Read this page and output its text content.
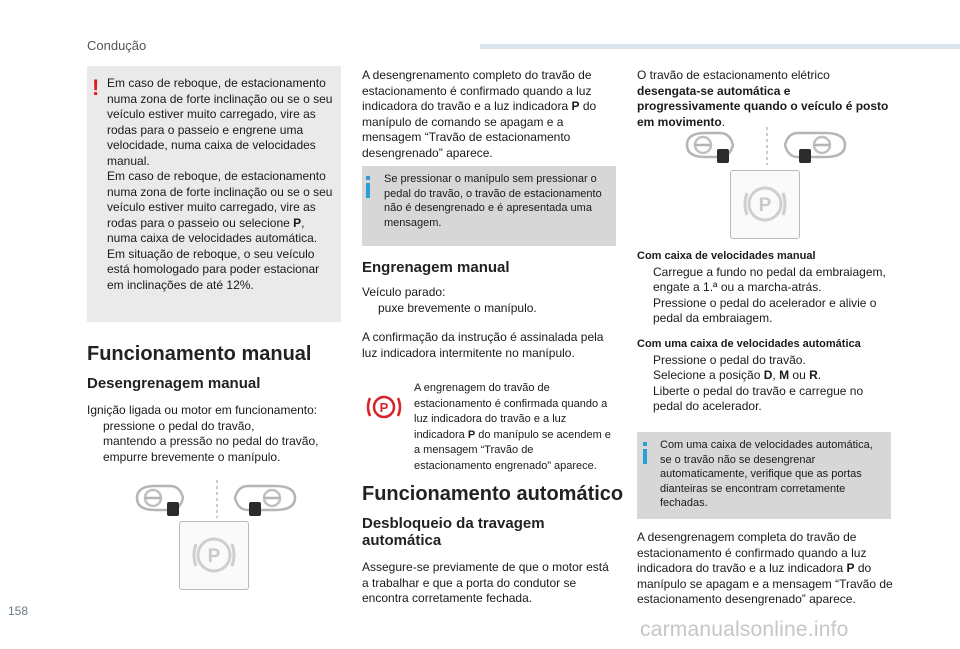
Condução
158
carmanualsonline.info
! Em caso de reboque, de estacionamento numa zona de forte inclinação ou se o seu veículo estiver muito carregado, vire as rodas para o passeio e engrene uma velocidade, numa caixa de velocidades manual.
Em caso de reboque, de estacionamento numa zona de forte inclinação ou se o seu veículo estiver muito carregado, vire as rodas para o passeio ou selecione P, numa caixa de velocidades automática.
Em situação de reboque, o seu veículo está homologado para poder estacionar em inclinações de até 12%.
Funcionamento manual
Desengrenagem manual
Ignição ligada ou motor em funcionamento:
pressione o pedal do travão,
mantendo a pressão no pedal do travão, empurre brevemente o manípulo.
P
A desengrenamento completo do travão de estacionamento é confirmado quando a luz indicadora do travão e a luz indicadora P do manípulo de comando se apagam e a mensagem “Travão de estacionamento desengrenado” aparece.
Se pressionar o manípulo sem pressionar o pedal do travão, o travão de estacionamento não é desengrenado e é apresentada uma mensagem.
Engrenagem manual
Veículo parado:
puxe brevemente o manípulo.
A confirmação da instrução é assinalada pela luz indicadora intermitente no manípulo.
P
A engrenagem do travão de estacionamento é confirmada quando a luz indicadora do travão e a luz indicadora P do manípulo se acendem e a mensagem “Travão de estacionamento engrenado” aparece.
Funcionamento automático
Desbloqueio da travagem automática
Assegure-se previamente de que o motor está a trabalhar e que a porta do condutor se encontra corretamente fechada.
O travão de estacionamento elétrico desengata-se automática e progressivamente quando o veículo é posto em movimento.
P
Com caixa de velocidades manual
Carregue a fundo no pedal da embraiagem, engate a 1.ª ou a marcha-atrás.
Pressione o pedal do acelerador e alivie o pedal da embraiagem.
Com uma caixa de velocidades automática
Pressione o pedal do travão.
Selecione a posição D, M ou R.
Liberte o pedal do travão e carregue no pedal do acelerador.
Com uma caixa de velocidades automática, se o travão não se desengrenar automaticamente, verifique que as portas dianteiras se encontram corretamente fechadas.
A desengrenagem completa do travão de estacionamento é confirmado quando a luz indicadora do travão e a luz indicadora P do manípulo se apagam e a mensagem “Travão de estacionamento desengrenado” aparece.
